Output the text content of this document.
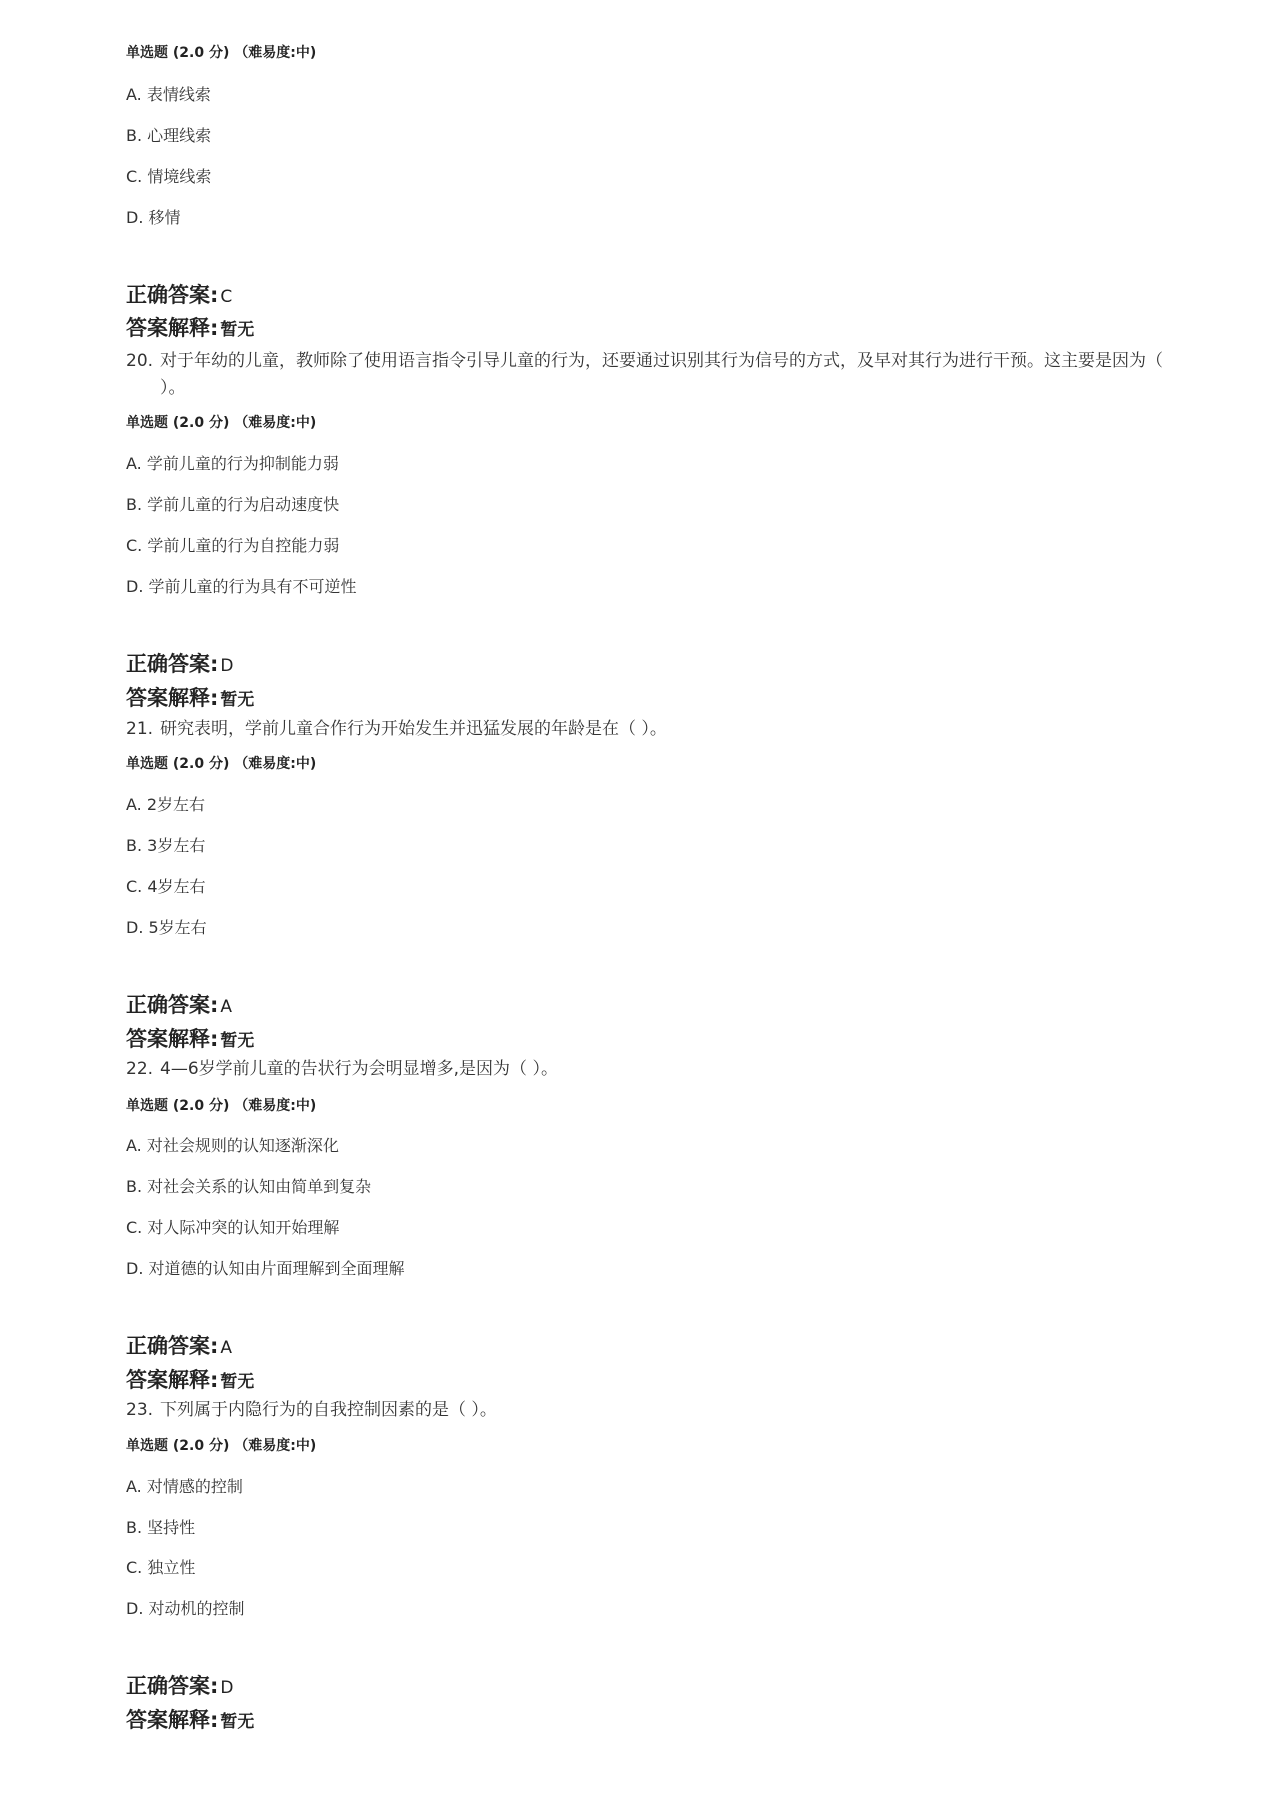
单选题 (2.0 分) （难易度:中)
A. 表情线索
B. 心理线索
C. 情境线索
D. 移情
正确答案: C
答案解释: 暂无
20. 对于年幼的儿童，教师除了使用语言指令引导儿童的行为，还要通过识别其行为信号的方式，及早对其行为进行干预。这主要是因为（ ）。
单选题 (2.0 分) （难易度:中)
A. 学前儿童的行为抑制能力弱
B. 学前儿童的行为启动速度快
C. 学前儿童的行为自控能力弱
D. 学前儿童的行为具有不可逆性
正确答案: D
答案解释: 暂无
21. 研究表明，学前儿童合作行为开始发生并迅猛发展的年龄是在（ ）。
单选题 (2.0 分) （难易度:中)
A. 2岁左右
B. 3岁左右
C. 4岁左右
D. 5岁左右
正确答案: A
答案解释: 暂无
22. 4—6岁学前儿童的告状行为会明显增多,是因为（ ）。
单选题 (2.0 分) （难易度:中)
A. 对社会规则的认知逐渐深化
B. 对社会关系的认知由简单到复杂
C. 对人际冲突的认知开始理解
D. 对道德的认知由片面理解到全面理解
正确答案: A
答案解释: 暂无
23. 下列属于内隐行为的自我控制因素的是（ ）。
单选题 (2.0 分) （难易度:中)
A. 对情感的控制
B. 坚持性
C. 独立性
D. 对动机的控制
正确答案: D
答案解释: 暂无
